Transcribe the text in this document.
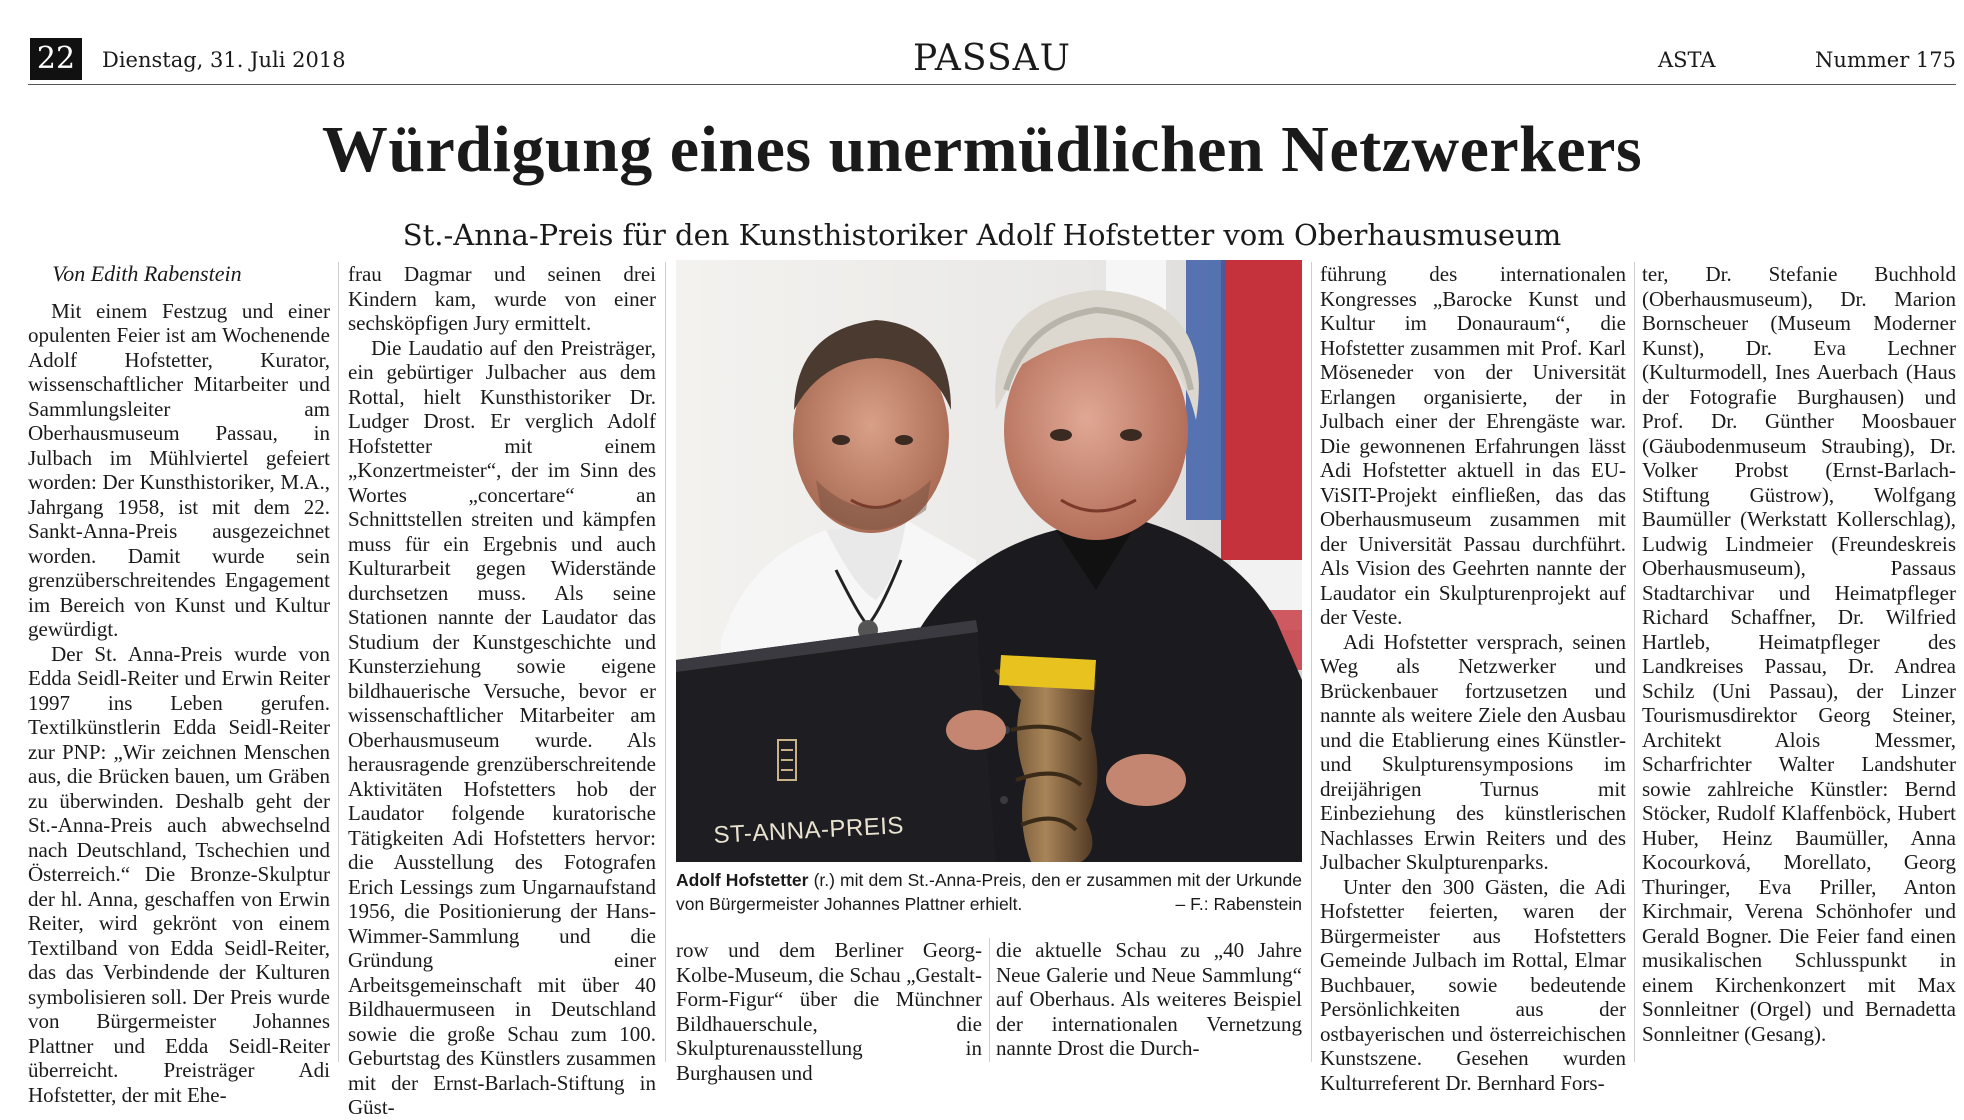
22	Dienstag, 31. Juli 2018	PASSAU	ASTA	Nummer 175
Würdigung eines unermüdlichen Netzwerkers
St.-Anna-Preis für den Kunsthistoriker Adolf Hofstetter vom Oberhausmuseum

Von Edith Rabenstein

Mit einem Festzug und einer opulenten Feier ist am Wochenende Adolf Hofstetter, Kurator, wissenschaftlicher Mitarbeiter und Sammlungsleiter am Oberhausmuseum Passau, in Julbach im Mühlviertel gefeiert worden: Der Kunsthistoriker, M.A., Jahrgang 1958, ist mit dem 22. Sankt-Anna-Preis ausgezeichnet worden. Damit wurde sein grenzüberschreitendes Engagement im Bereich von Kunst und Kultur gewürdigt.

Der St. Anna-Preis wurde von Edda Seidl-Reiter und Erwin Reiter 1997 ins Leben gerufen. Textilkünstlerin Edda Seidl-Reiter zur PNP: „Wir zeichnen Menschen aus, die Brücken bauen, um Gräben zu überwinden. Deshalb geht der St.-Anna-Preis auch abwechselnd nach Deutschland, Tschechien und Österreich.“ Die Bronze-Skulptur der hl. Anna, geschaffen von Erwin Reiter, wird gekrönt von einem Textilband von Edda Seidl-Reiter, das das Verbindende der Kulturen symbolisieren soll. Der Preis wurde von Bürgermeister Johannes Plattner und Edda Seidl-Reiter überreicht. Preisträger Adi Hofstetter, der mit Ehe-

frau Dagmar und seinen drei Kindern kam, wurde von einer sechsköpfigen Jury ermittelt.

Die Laudatio auf den Preisträger, ein gebürtiger Julbacher aus dem Rottal, hielt Kunsthistoriker Dr. Ludger Drost. Er verglich Adolf Hofstetter mit einem „Konzertmeister“, der im Sinn des Wortes „concertare“ an Schnittstellen streiten und kämpfen muss für ein Ergebnis und auch Kulturarbeit gegen Widerstände durchsetzen muss. Als seine Stationen nannte der Laudator das Studium der Kunstgeschichte und Kunsterziehung sowie eigene bildhauerische Versuche, bevor er wissenschaftlicher Mitarbeiter am Oberhausmuseum wurde. Als herausragende grenzüberschreitende Aktivitäten Hofstetters hob der Laudator folgende kuratorische Tätigkeiten Adi Hofstetters hervor: die Ausstellung des Fotografen Erich Lessings zum Ungarnaufstand 1956, die Positionierung der Hans-Wimmer-Sammlung und die Gründung einer Arbeitsgemeinschaft mit über 40 Bildhauermuseen in Deutschland sowie die große Schau zum 100. Geburtstag des Künstlers zusammen mit der Ernst-Barlach-Stiftung in Güst-

ST-ANNA-PREIS
Adolf Hofstetter (r.) mit dem St.-Anna-Preis, den er zusammen mit der Urkunde von Bürgermeister Johannes Plattner erhielt.	– F.: Rabenstein

row und dem Berliner Georg-Kolbe-Museum, die Schau „Gestalt-Form-Figur“ über die Münchner Bildhauerschule, die Skulpturenausstellung in Burghausen und

die aktuelle Schau zu „40 Jahre Neue Galerie und Neue Sammlung“ auf Oberhaus. Als weiteres Beispiel der internationalen Vernetzung nannte Drost die Durch-

führung des internationalen Kongresses „Barocke Kunst und Kultur im Donauraum“, die Hofstetter zusammen mit Prof. Karl Möseneder von der Universität Erlangen organisierte, der in Julbach einer der Ehrengäste war. Die gewonnenen Erfahrungen lässt Adi Hofstetter aktuell in das EU-ViSIT-Projekt einfließen, das das Oberhausmuseum zusammen mit der Universität Passau durchführt. Als Vision des Geehrten nannte der Laudator ein Skulpturenprojekt auf der Veste.

Adi Hofstetter versprach, seinen Weg als Netzwerker und Brückenbauer fortzusetzen und nannte als weitere Ziele den Ausbau und die Etablierung eines Künstler- und Skulpturensymposions im dreijährigen Turnus mit Einbeziehung des künstlerischen Nachlasses Erwin Reiters und des Julbacher Skulpturenparks.

Unter den 300 Gästen, die Adi Hofstetter feierten, waren der Bürgermeister aus Hofstetters Gemeinde Julbach im Rottal, Elmar Buchbauer, sowie bedeutende Persönlichkeiten aus der ostbayerischen und österreichischen Kunstszene. Gesehen wurden Kulturreferent Dr. Bernhard Fors-

ter, Dr. Stefanie Buchhold (Oberhausmuseum), Dr. Marion Bornscheuer (Museum Moderner Kunst), Dr. Eva Lechner (Kulturmodell, Ines Auerbach (Haus der Fotografie Burghausen) und Prof. Dr. Günther Moosbauer (Gäubodenmuseum Straubing), Dr. Volker Probst (Ernst-Barlach-Stiftung Güstrow), Wolfgang Baumüller (Werkstatt Kollerschlag), Ludwig Lindmeier (Freundeskreis Oberhausmuseum), Passaus Stadtarchivar und Heimatpfleger Richard Schaffner, Dr. Wilfried Hartleb, Heimatpfleger des Landkreises Passau, Dr. Andrea Schilz (Uni Passau), der Linzer Tourismusdirektor Georg Steiner, Architekt Alois Messmer, Scharfrichter Walter Landshuter sowie zahlreiche Künstler: Bernd Stöcker, Rudolf Klaffenböck, Hubert Huber, Heinz Baumüller, Anna Kocourková, Morellato, Georg Thuringer, Eva Priller, Anton Kirchmair, Verena Schönhofer und Gerald Bogner. Die Feier fand einen musikalischen Schlusspunkt in einem Kirchenkonzert mit Max Sonnleitner (Orgel) und Bernadetta Sonnleitner (Gesang).
